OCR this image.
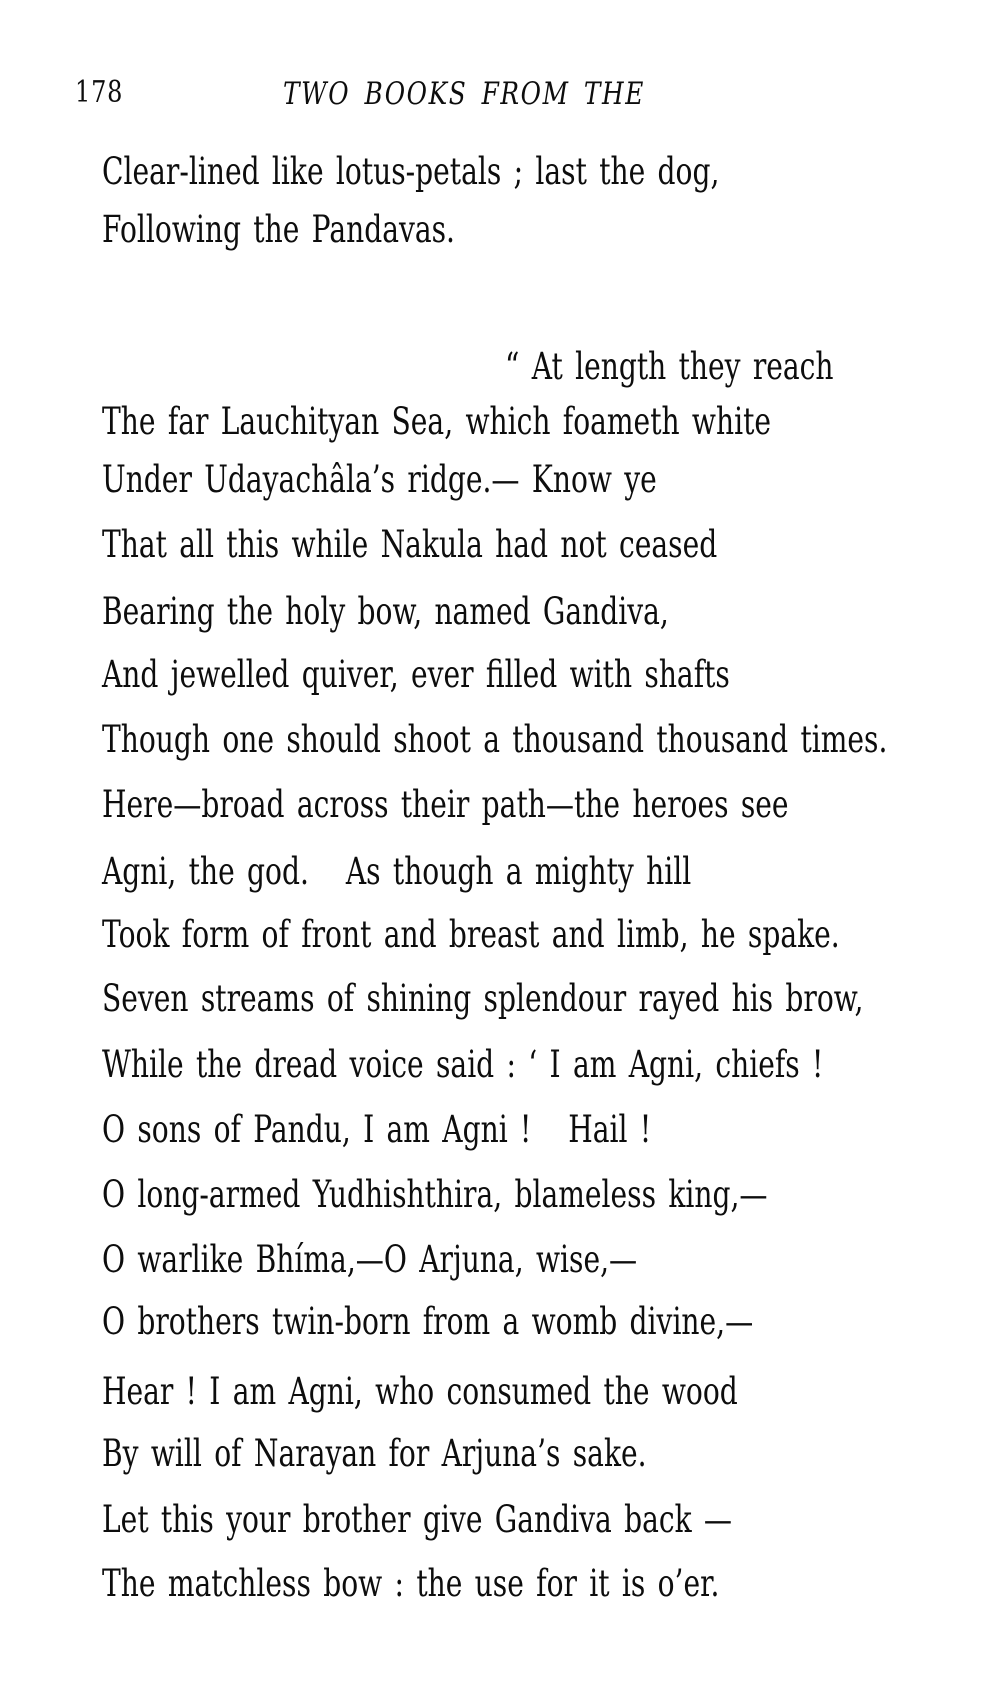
178	TWO BOOKS FROM THE
Clear-lined like lotus-petals ; last the dog,
Following the Pandavas.
“ At length they reach
The far Lauchityan Sea, which foameth white
Under Udayachâla’s ridge.— Know ye
That all this while Nakula had not ceased
Bearing the holy bow, named Gandiva,
And jewelled quiver, ever filled with shafts
Though one should shoot a thousand thousand times.
Here—broad across their path—the heroes see
Agni, the god.   As though a mighty hill
Took form of front and breast and limb, he spake.
Seven streams of shining splendour rayed his brow,
While the dread voice said : ‘ I am Agni, chiefs !
O sons of Pandu, I am Agni !   Hail !
O long-armed Yudhishthira, blameless king,—
O warlike Bhíma,—O Arjuna, wise,—
O brothers twin-born from a womb divine,—
Hear ! I am Agni, who consumed the wood
By will of Narayan for Arjuna’s sake.
Let this your brother give Gandiva back —
The matchless bow : the use for it is o’er.
